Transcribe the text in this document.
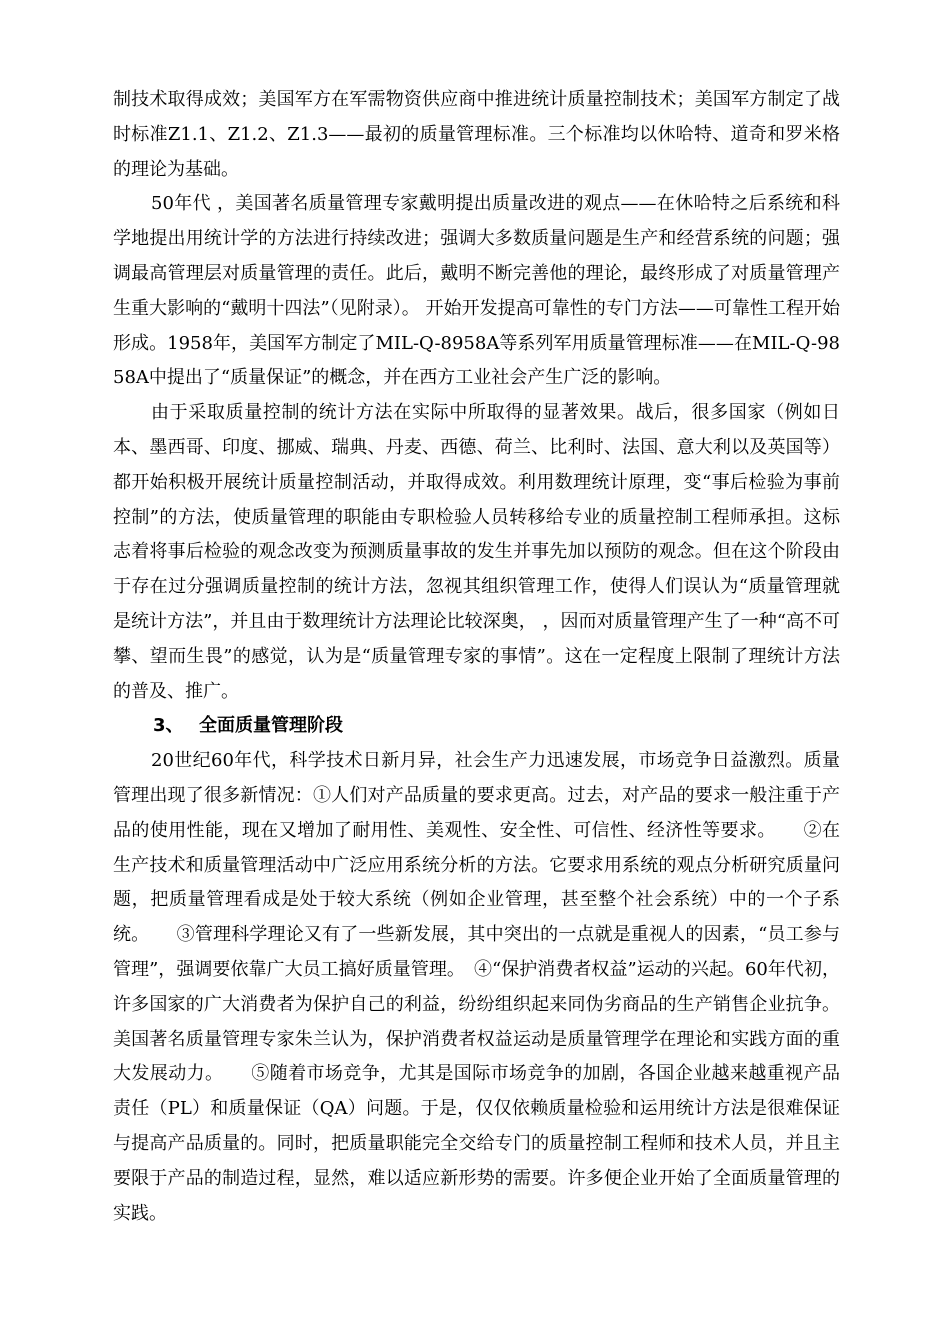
制技术取得成效；美国军方在军需物资供应商中推进统计质量控制技术；美国军方制定了战时标准Z1.1、Z1.2、Z1.3——最初的质量管理标准。三个标准均以休哈特、道奇和罗米格的理论为基础。

50年代 ，美国著名质量管理专家戴明提出质量改进的观点——在休哈特之后系统和科学地提出用统计学的方法进行持续改进；强调大多数质量问题是生产和经营系统的问题；强调最高管理层对质量管理的责任。此后，戴明不断完善他的理论，最终形成了对质量管理产生重大影响的“戴明十四法”（见附录）。 开始开发提高可靠性的专门方法——可靠性工程开始形成。1958年，美国军方制定了MIL-Q-8958A等系列军用质量管理标准——在MIL-Q-9858A中提出了“质量保证”的概念，并在西方工业社会产生广泛的影响。

由于采取质量控制的统计方法在实际中所取得的显著效果。战后，很多国家（例如日本、墨西哥、印度、挪威、瑞典、丹麦、西德、荷兰、比利时、法国、意大利以及英国等）都开始积极开展统计质量控制活动，并取得成效。利用数理统计原理，变“事后检验为事前控制”的方法，使质量管理的职能由专职检验人员转移给专业的质量控制工程师承担。这标志着将事后检验的观念改变为预测质量事故的发生并事先加以预防的观念。但在这个阶段由于存在过分强调质量控制的统计方法，忽视其组织管理工作，使得人们误认为“质量管理就是统计方法”，并且由于数理统计方法理论比较深奥， ，因而对质量管理产生了一种“高不可攀、望而生畏”的感觉，认为是“质量管理专家的事情”。这在一定程度上限制了理统计方法的普及、推广。

3、 全面质量管理阶段

20世纪60年代，科学技术日新月异，社会生产力迅速发展，市场竞争日益激烈。质量管理出现了很多新情况：①人们对产品质量的要求更高。过去，对产品的要求一般注重于产品的使用性能，现在又增加了耐用性、美观性、安全性、可信性、经济性等要求。　　②在生产技术和质量管理活动中广泛应用系统分析的方法。它要求用系统的观点分析研究质量问题，把质量管理看成是处于较大系统（例如企业管理，甚至整个社会系统）中的一个子系统。　　③管理科学理论又有了一些新发展，其中突出的一点就是重视人的因素，“员工参与管理”，强调要依靠广大员工搞好质量管理。　④“保护消费者权益”运动的兴起。60年代初，许多国家的广大消费者为保护自己的利益，纷纷组织起来同伪劣商品的生产销售企业抗争。美国著名质量管理专家朱兰认为，保护消费者权益运动是质量管理学在理论和实践方面的重大发展动力。　　⑤随着市场竞争，尤其是国际市场竞争的加剧，各国企业越来越重视产品责任（PL）和质量保证（QA）问题。于是，仅仅依赖质量检验和运用统计方法是很难保证与提高产品质量的。同时，把质量职能完全交给专门的质量控制工程师和技术人员，并且主要限于产品的制造过程，显然，难以适应新形势的需要。许多便企业开始了全面质量管理的实践。
